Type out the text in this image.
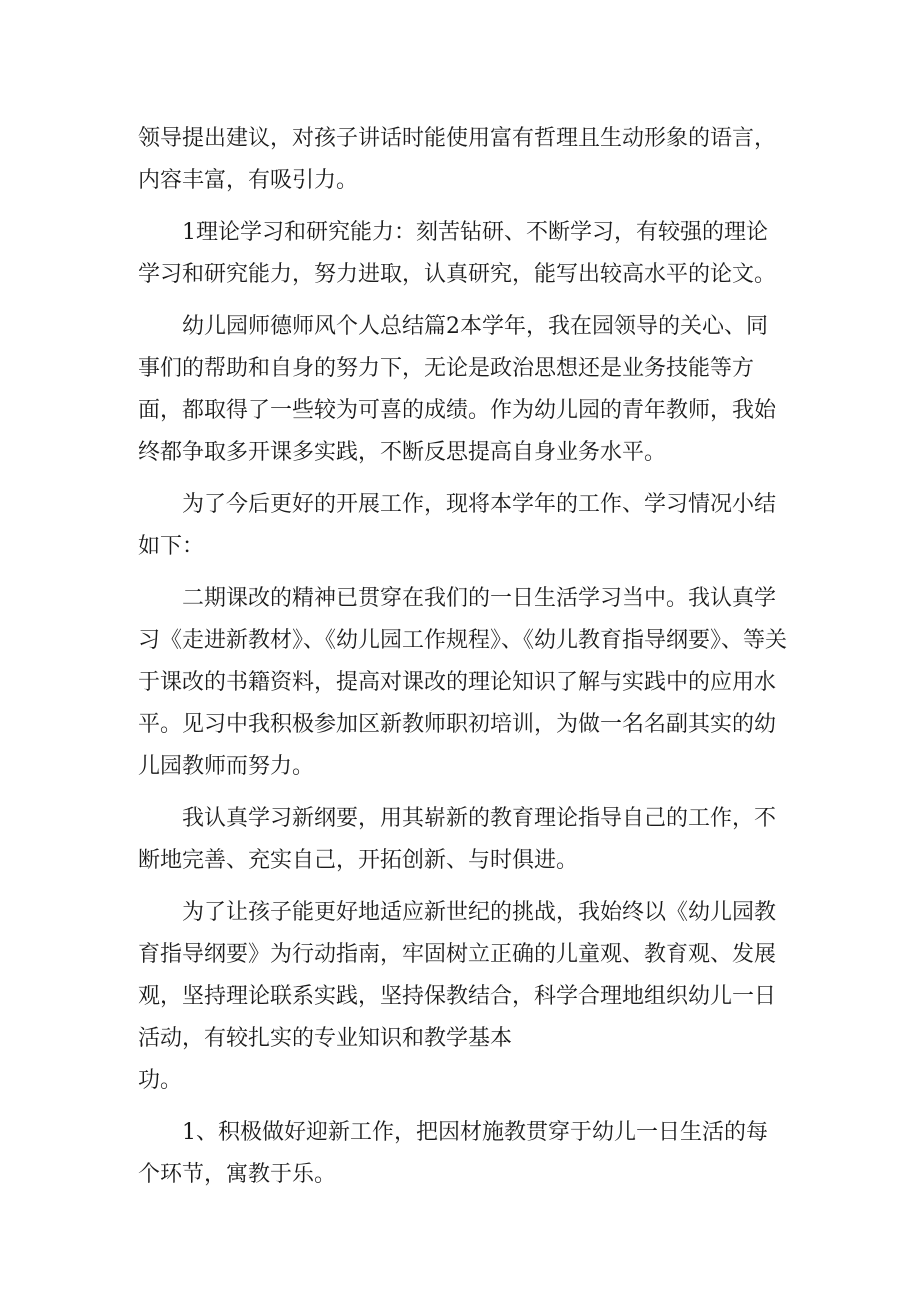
领导提出建议，对孩子讲话时能使用富有哲理且生动形象的语言，内容丰富，有吸引力。

1理论学习和研究能力：刻苦钻研、不断学习，有较强的理论学习和研究能力，努力进取，认真研究，能写出较高水平的论文。

幼儿园师德师风个人总结篇2本学年，我在园领导的关心、同事们的帮助和自身的努力下，无论是政治思想还是业务技能等方面，都取得了一些较为可喜的成绩。作为幼儿园的青年教师，我始终都争取多开课多实践，不断反思提高自身业务水平。

为了今后更好的开展工作，现将本学年的工作、学习情况小结如下：

二期课改的精神已贯穿在我们的一日生活学习当中。我认真学习《走进新教材》、《幼儿园工作规程》、《幼儿教育指导纲要》、等关于课改的书籍资料，提高对课改的理论知识了解与实践中的应用水平。见习中我积极参加区新教师职初培训，为做一名名副其实的幼儿园教师而努力。

我认真学习新纲要，用其崭新的教育理论指导自己的工作，不断地完善、充实自己，开拓创新、与时俱进。

为了让孩子能更好地适应新世纪的挑战，我始终以《幼儿园教育指导纲要》为行动指南，牢固树立正确的儿童观、教育观、发展观，坚持理论联系实践，坚持保教结合，科学合理地组织幼儿一日活动，有较扎实的专业知识和教学基本

功。

1、积极做好迎新工作，把因材施教贯穿于幼儿一日生活的每个环节，寓教于乐。
